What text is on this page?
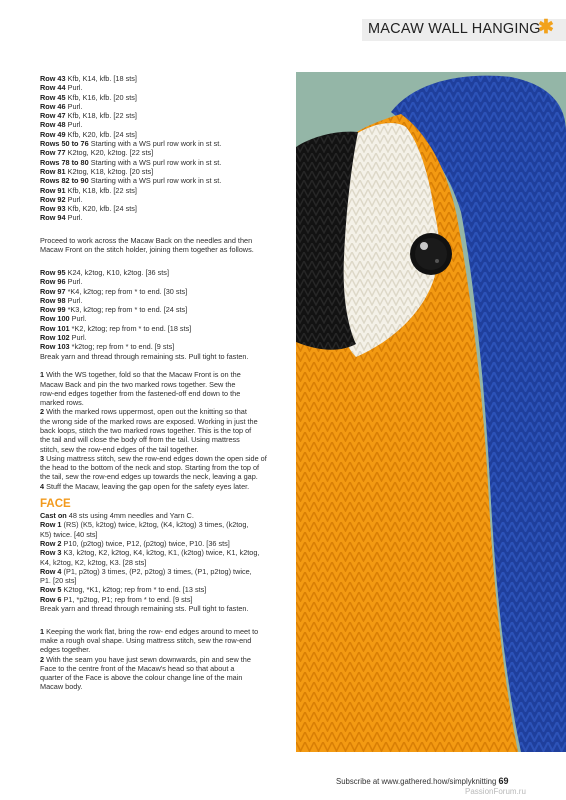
MACAW WALL HANGING
✱
Row 43 Kfb, K14, kfb. [18 sts]
Row 44 Purl.
Row 45 Kfb, K16, kfb. [20 sts]
Row 46 Purl.
Row 47 Kfb, K18, kfb. [22 sts]
Row 48 Purl.
Row 49 Kfb, K20, kfb. [24 sts]
Rows 50 to 76 Starting with a WS purl row work in st st.
Row 77 K2tog, K20, k2tog. [22 sts]
Rows 78 to 80 Starting with a WS purl row work in st st.
Row 81 K2tog, K18, k2tog. [20 sts]
Rows 82 to 90 Starting with a WS purl row work in st st.
Row 91 Kfb, K18, kfb. [22 sts]
Row 92 Purl.
Row 93 Kfb, K20, kfb. [24 sts]
Row 94 Purl.
Proceed to work across the Macaw Back on the needles and then
Macaw Front on the stitch holder, joining them together as follows.
Row 95 K24, k2tog, K10, k2tog. [36 sts]
Row 96 Purl.
Row 97 *K4, k2tog; rep from * to end. [30 sts]
Row 98 Purl.
Row 99 *K3, k2tog; rep from * to end. [24 sts]
Row 100 Purl.
Row 101 *K2, k2tog; rep from * to end. [18 sts]
Row 102 Purl.
Row 103 *k2tog; rep from * to end. [9 sts]
Break yarn and thread through remaining sts. Pull tight to fasten.
1 With the WS together, fold so that the Macaw Front is on the
Macaw Back and pin the two marked rows together. Sew the
row-end edges together from the fastened-off end down to the
marked rows.
2 With the marked rows uppermost, open out the knitting so that
the wrong side of the marked rows are exposed. Working in just the
back loops, stitch the two marked rows together. This is the top of
the tail and will close the body off from the tail. Using mattress
stitch, sew the row-end edges of the tail together.
3 Using mattress stitch, sew the row-end edges down the open side of
the head to the bottom of the neck and stop. Starting from the top of
the tail, sew the row-end edges up towards the neck, leaving a gap.
4 Stuff the Macaw, leaving the gap open for the safety eyes later.
FACE
Cast on 48 sts using 4mm needles and Yarn C.
Row 1 (RS) (K5, k2tog) twice, k2tog, (K4, k2tog) 3 times, (k2tog,
K5) twice. [40 sts]
Row 2 P10, (p2tog) twice, P12, (p2tog) twice, P10. [36 sts]
Row 3 K3, k2tog, K2, k2tog, K4, k2tog, K1, (k2tog) twice, K1, k2tog,
K4, k2tog, K2, k2tog, K3. [28 sts]
Row 4 (P1, p2tog) 3 times, (P2, p2tog) 3 times, (P1, p2tog) twice,
P1. [20 sts]
Row 5 K2tog, *K1, k2tog; rep from * to end. [13 sts]
Row 6 P1, *p2tog, P1; rep from * to end. [9 sts]
Break yarn and thread through remaining sts. Pull tight to fasten.
1 Keeping the work flat, bring the row- end edges around to meet to
make a rough oval shape. Using mattress stitch, sew the row-end
edges together.
2 With the seam you have just sewn downwards, pin and sew the
Face to the centre front of the Macaw's head so that about a
quarter of the Face is above the colour change line of the main
Macaw body.
Subscribe at www.gathered.how/simplyknitting 69
PassionForum.ru
